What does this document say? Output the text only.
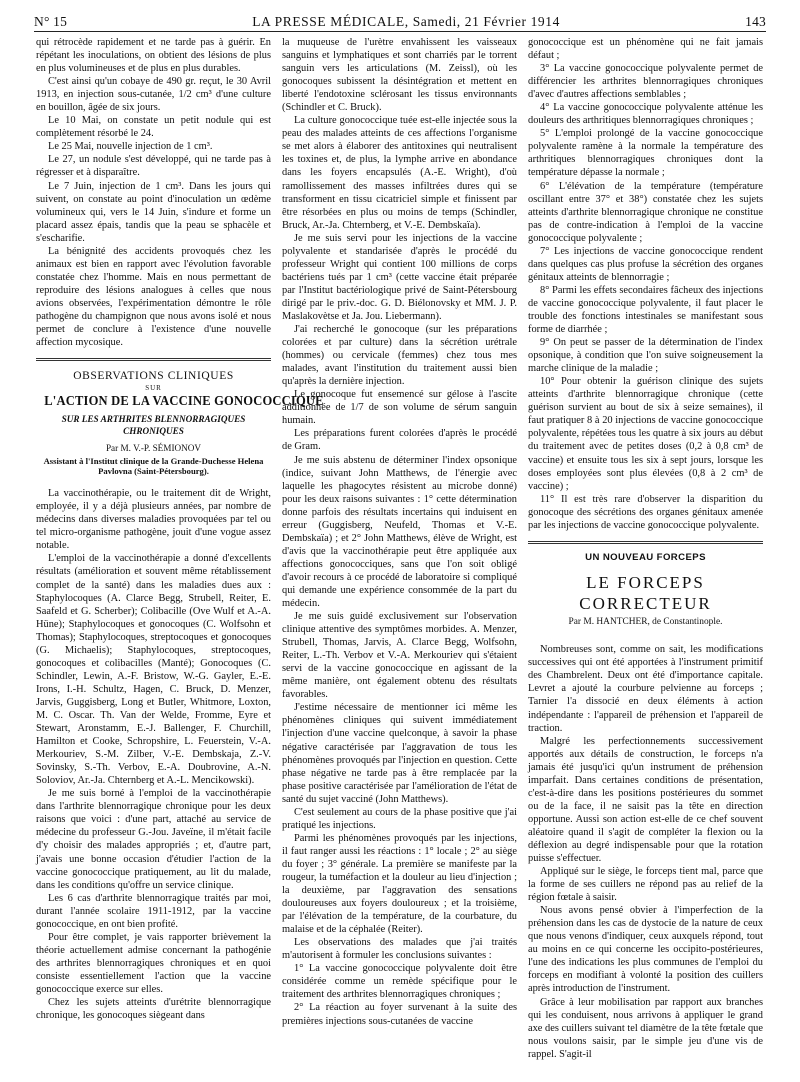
N° 15	LA PRESSE MÉDICALE, Samedi, 21 Février 1914	143

qui rétrocède rapidement et ne tarde pas à guérir. En répétant les inoculations, on obtient des lésions de plus en plus volumineuses et de plus en plus durables.

C'est ainsi qu'un cobaye de 490 gr. reçut, le 30 Avril 1913, en injection sous-cutanée, 1/2 cm³ d'une culture en bouillon, âgée de six jours.

Le 10 Mai, on constate un petit nodule qui est complètement résorbé le 24.

Le 25 Mai, nouvelle injection de 1 cm³.

Le 27, un nodule s'est développé, qui ne tarde pas à régresser et à disparaître.

Le 7 Juin, injection de 1 cm³. Dans les jours qui suivent, on constate au point d'inoculation un œdème volumineux qui, vers le 14 Juin, s'indure et forme un placard assez épais, tandis que la peau se sphacèle et s'escharifie.

La bénignité des accidents provoqués chez les animaux est bien en rapport avec l'évolution favorable constatée chez l'homme. Mais en nous permettant de reproduire des lésions analogues à celles que nous avions observées, l'expérimentation démontre le rôle pathogène du champignon que nous avons isolé et nous permet de conclure à l'existence d'une nouvelle affection mycosique.

OBSERVATIONS CLINIQUES
SUR
L'ACTION DE LA VACCINE GONOCOCCIQUE
SUR LES ARTHRITES BLENNORRAGIQUES CHRONIQUES
Par M. V.-P. SÉMIONOV
Assistant à l'Institut clinique de la Grande-Duchesse Helena Pavlovna (Saint-Pétersbourg).

La vaccinothérapie, ou le traitement dit de Wright, employée, il y a déjà plusieurs années, par nombre de médecins dans diverses maladies provoquées par tel ou tel micro-organisme pathogène, jouit d'une vogue assez notable.

L'emploi de la vaccinothérapie a donné d'excellents résultats (amélioration et souvent même rétablissement complet de la santé) dans les maladies dues aux : Staphylocoques (A. Clarce Begg, Strubell, Reiter, E. Saafeld et G. Scherber); Colibacille (Ove Wulf et A.-A. Hüne); Staphylocoques et gonocoques (C. Wolfsohn et Thomas); Staphylocoques, streptocoques et gonocoques (G. Michaelis); Staphylocoques, streptocoques, gonocoques et colibacilles (Manté); Gonocoques (C. Schindler, Lewin, A.-F. Bristow, W.-G. Gayler, E.-E. Irons, I.-H. Schultz, Hagen, C. Bruck, D. Menzer, Jarvis, Guggisberg, Long et Butler, Whitmore, Loxton, M. C. Oscar. Th. Van der Welde, Fromme, Eyre et Stewart, Aronstamm, E.-J. Ballenger, F. Churchill, Hamilton et Cooke, Schropshire, L. Feuerstein, V.-A. Merkouriev, S.-M. Zilber, V.-E. Dembskaja, Z.-V. Sovinsky, S.-Th. Verbov, E.-A. Doubrovine, A.-N. Soloviov, Ar.-Ja. Chternberg et A.-L. Mencikowski).

Je me suis borné à l'emploi de la vaccinothérapie dans l'arthrite blennorragique chronique pour les deux raisons que voici : d'une part, attaché au service de médecine du professeur G.-Jou. Javeïne, il m'était facile d'y choisir des malades appropriés ; et, d'autre part, j'avais une bonne occasion d'étudier l'action de la vaccine gonococcique pratiquement, au lit du malade, dans les conditions qu'offre un service clinique.

Les 6 cas d'arthrite blennorragique traités par moi, durant l'année scolaire 1911-1912, par la vaccine gonococcique, en ont bien profité.

Pour être complet, je vais rapporter brièvement la théorie actuellement admise concernant la pathogénie des arthrites blennorragiques chroniques et en quoi consiste essentiellement l'action que la vaccine gonococcique exerce sur elles.

Chez les sujets atteints d'urétrite blennorragique chronique, les gonocoques siègeant dans

la muqueuse de l'urètre envahissent les vaisseaux sanguins et lymphatiques et sont charriés par le torrent sanguin vers les articulations (M. Zeissl), où les gonocoques subissent la désintégration et mettent en liberté l'endotoxine sclérosant les tissus environnants (Schindler et C. Bruck).

La culture gonococcique tuée est-elle injectée sous la peau des malades atteints de ces affections l'organisme se met alors à élaborer des antitoxines qui neutralisent les toxines et, de plus, la lymphe arrive en abondance dans les foyers encapsulés (A.-E. Wright), d'où ramollissement des masses infiltrées dures qui se transforment en tissu cicatriciel simple et finissent par être résorbées en plus ou moins de temps (Schindler, Bruck, Ar.-Ja. Chternberg, et V.-E. Dembskaïa).

Je me suis servi pour les injections de la vaccine polyvalente et standarisée d'après le procédé du professeur Wright qui contient 100 millions de corps bactériens tués par 1 cm³ (cette vaccine était préparée par l'Institut bactériologique privé de Saint-Pétersbourg dirigé par le priv.-doc. G. D. Biélonovsky et MM. J. P. Maslakovètse et Ja. Jou. Liebermann).

J'ai recherché le gonocoque (sur les préparations colorées et par culture) dans la sécrétion urétrale (hommes) ou cervicale (femmes) chez tous mes malades, avant l'institution du traitement aussi bien qu'après la dernière injection.

Le gonocoque fut ensemencé sur gélose à l'ascite additionnée de 1/7 de son volume de sérum sanguin humain.

Les préparations furent colorées d'après le procédé de Gram.

Je me suis abstenu de déterminer l'index opsonique (indice, suivant John Matthews, de l'énergie avec laquelle les phagocytes résistent au microbe donné) pour les deux raisons suivantes : 1° cette détermination donne parfois des résultats incertains qui induisent en erreur (Guggisberg, Neufeld, Thomas et V.-E. Dembskaïa) ; et 2° John Matthews, élève de Wright, est d'avis que la vaccinothérapie peut être appliquée aux affections gonococciques, sans que l'on soit obligé d'avoir recours à ce procédé de laboratoire si compliqué qui demande une expérience consommée de la part du médecin.

Je me suis guidé exclusivement sur l'observation clinique attentive des symptômes morbides. A. Menzer, Strubell, Thomas, Jarvis, A. Clarce Begg, Wolfsohn, Reiter, L.-Th. Verbov et V.-A. Merkouriev qui s'étaient servi de la vaccine gonococcique en agissant de la même manière, ont également obtenu des résultats favorables.

J'estime nécessaire de mentionner ici même les phénomènes cliniques qui suivent immédiatement l'injection d'une vaccine quelconque, à savoir la phase négative caractérisée par l'aggravation de tous les phénomènes provoqués par l'injection en question. Cette phase négative ne tarde pas à être remplacée par la phase positive caractérisée par l'amélioration de l'état de santé du sujet vacciné (John Matthews).

C'est seulement au cours de la phase positive que j'ai pratiqué les injections.

Parmi les phénomènes provoqués par les injections, il faut ranger aussi les réactions : 1° locale ; 2° au siège du foyer ; 3° générale. La première se manifeste par la rougeur, la tuméfaction et la douleur au lieu d'injection ; la deuxième, par l'aggravation des sensations douloureuses aux foyers douloureux ; et la troisième, par l'élévation de la température, de la courbature, du malaise et de la céphalée (Reiter).

Les observations des malades que j'ai traités m'autorisent à formuler les conclusions suivantes :

1° La vaccine gonococcique polyvalente doit être considérée comme un remède spécifique pour le traitement des arthrites blennorragiques chroniques ;

2° La réaction au foyer survenant à la suite des premières injections sous-cutanées de vaccine

gonococcique est un phénomène qui ne fait jamais défaut ;

3° La vaccine gonococcique polyvalente permet de différencier les arthrites blennorragiques chroniques d'avec d'autres affections semblables ;

4° La vaccine gonococcique polyvalente atténue les douleurs des arthritiques blennorragiques chroniques ;

5° L'emploi prolongé de la vaccine gonococcique polyvalente ramène à la normale la température des arthritiques blennorragiques chroniques dont la température dépasse la normale ;

6° L'élévation de la température (température oscillant entre 37° et 38°) constatée chez les sujets atteints d'arthrite blennorragique chronique ne constitue pas de contre-indication à l'emploi de la vaccine gonococcique polyvalente ;

7° Les injections de vaccine gonococcique rendent dans quelques cas plus profuse la sécrétion des organes génitaux atteints de blennorragie ;

8° Parmi les effets secondaires fâcheux des injections de vaccine gonococcique polyvalente, il faut placer le trouble des fonctions intestinales se manifestant sous forme de diarrhée ;

9° On peut se passer de la détermination de l'index opsonique, à condition que l'on suive soigneusement la marche clinique de la maladie ;

10° Pour obtenir la guérison clinique des sujets atteints d'arthrite blennorragique chronique (cette guérison survient au bout de six à seize semaines), il faut pratiquer 8 à 20 injections de vaccine gonococcique polyvalente, répétées tous les quatre à six jours au début du traitement avec de petites doses (0,2 à 0,8 cm³ de vaccine) et ensuite tous les six à sept jours, lorsque les doses employées sont plus élevées (0,8 à 2 cm³ de vaccine) ;

11° Il est très rare d'observer la disparition du gonocoque des sécrétions des organes génitaux amenée par les injections de vaccine gonococcique polyvalente.

UN NOUVEAU FORCEPS
LE FORCEPS CORRECTEUR
Par M. HANTCHER, de Constantinople.

Nombreuses sont, comme on sait, les modifications successives qui ont été apportées à l'instrument primitif des Chambrelent. Deux ont été d'importance capitale. Levret a ajouté la courbure pelvienne au forceps ; Tarnier l'a dissocié en deux éléments à action indépendante : l'appareil de préhension et l'appareil de traction.

Malgré les perfectionnements successivement apportés aux détails de construction, le forceps n'a jamais été jusqu'ici qu'un instrument de préhension imparfait. Dans certaines conditions de présentation, c'est-à-dire dans les positions postérieures du sommet ou de la face, il ne saisit pas la tête en direction opportune. Aussi son action est-elle de ce chef souvent aléatoire quand il s'agit de compléter la flexion ou la déflexion au degré indispensable pour que la rotation puisse s'effectuer.

Appliqué sur le siège, le forceps tient mal, parce que la forme de ses cuillers ne répond pas au relief de la région fœtale à saisir.

Nous avons pensé obvier à l'imperfection de la préhension dans les cas de dystocie de la nature de ceux que nous venons d'indiquer, ceux auxquels répond, tout au moins en ce qui concerne les occipito-postérieures, l'une des indications les plus communes de l'emploi du forceps en modifiant à volonté la position des cuillers après introduction de l'instrument.

Grâce à leur mobilisation par rapport aux branches qui les conduisent, nous arrivons à appliquer le grand axe des cuillers suivant tel diamètre de la tête fœtale que nous voulons saisir, par le simple jeu d'une vis de rappel. S'agit-il
